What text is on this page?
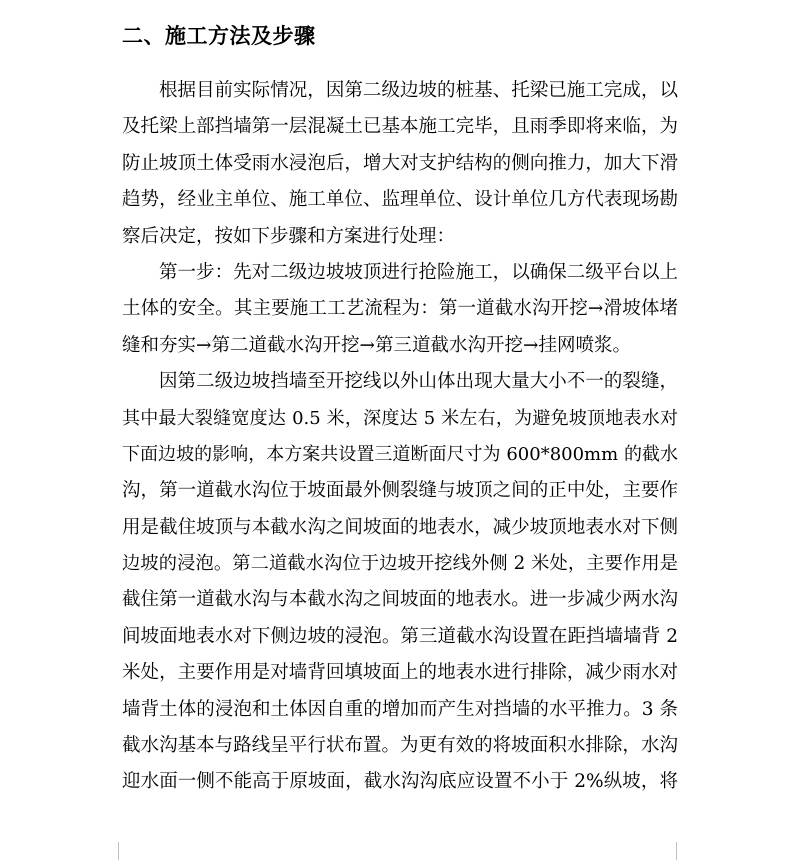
二、施工方法及步骤
根据目前实际情况，因第二级边坡的桩基、托梁已施工完成，以
及托梁上部挡墙第一层混凝土已基本施工完毕，且雨季即将来临，为
防止坡顶土体受雨水浸泡后，增大对支护结构的侧向推力，加大下滑
趋势，经业主单位、施工单位、监理单位、设计单位几方代表现场勘
察后决定，按如下步骤和方案进行处理：
第一步：先对二级边坡坡顶进行抢险施工，以确保二级平台以上
土体的安全。其主要施工工艺流程为：第一道截水沟开挖→滑坡体堵
缝和夯实→第二道截水沟开挖→第三道截水沟开挖→挂网喷浆。
因第二级边坡挡墙至开挖线以外山体出现大量大小不一的裂缝，
其中最大裂缝宽度达 0.5 米，深度达 5 米左右，为避免坡顶地表水对
下面边坡的影响，本方案共设置三道断面尺寸为 600*800mm 的截水
沟，第一道截水沟位于坡面最外侧裂缝与坡顶之间的正中处，主要作
用是截住坡顶与本截水沟之间坡面的地表水，减少坡顶地表水对下侧
边坡的浸泡。第二道截水沟位于边坡开挖线外侧 2 米处，主要作用是
截住第一道截水沟与本截水沟之间坡面的地表水。进一步减少两水沟
间坡面地表水对下侧边坡的浸泡。第三道截水沟设置在距挡墙墙背 2
米处，主要作用是对墙背回填坡面上的地表水进行排除，减少雨水对
墙背土体的浸泡和土体因自重的增加而产生对挡墙的水平推力。3 条
截水沟基本与路线呈平行状布置。为更有效的将坡面积水排除，水沟
迎水面一侧不能高于原坡面，截水沟沟底应设置不小于 2%纵坡，将
